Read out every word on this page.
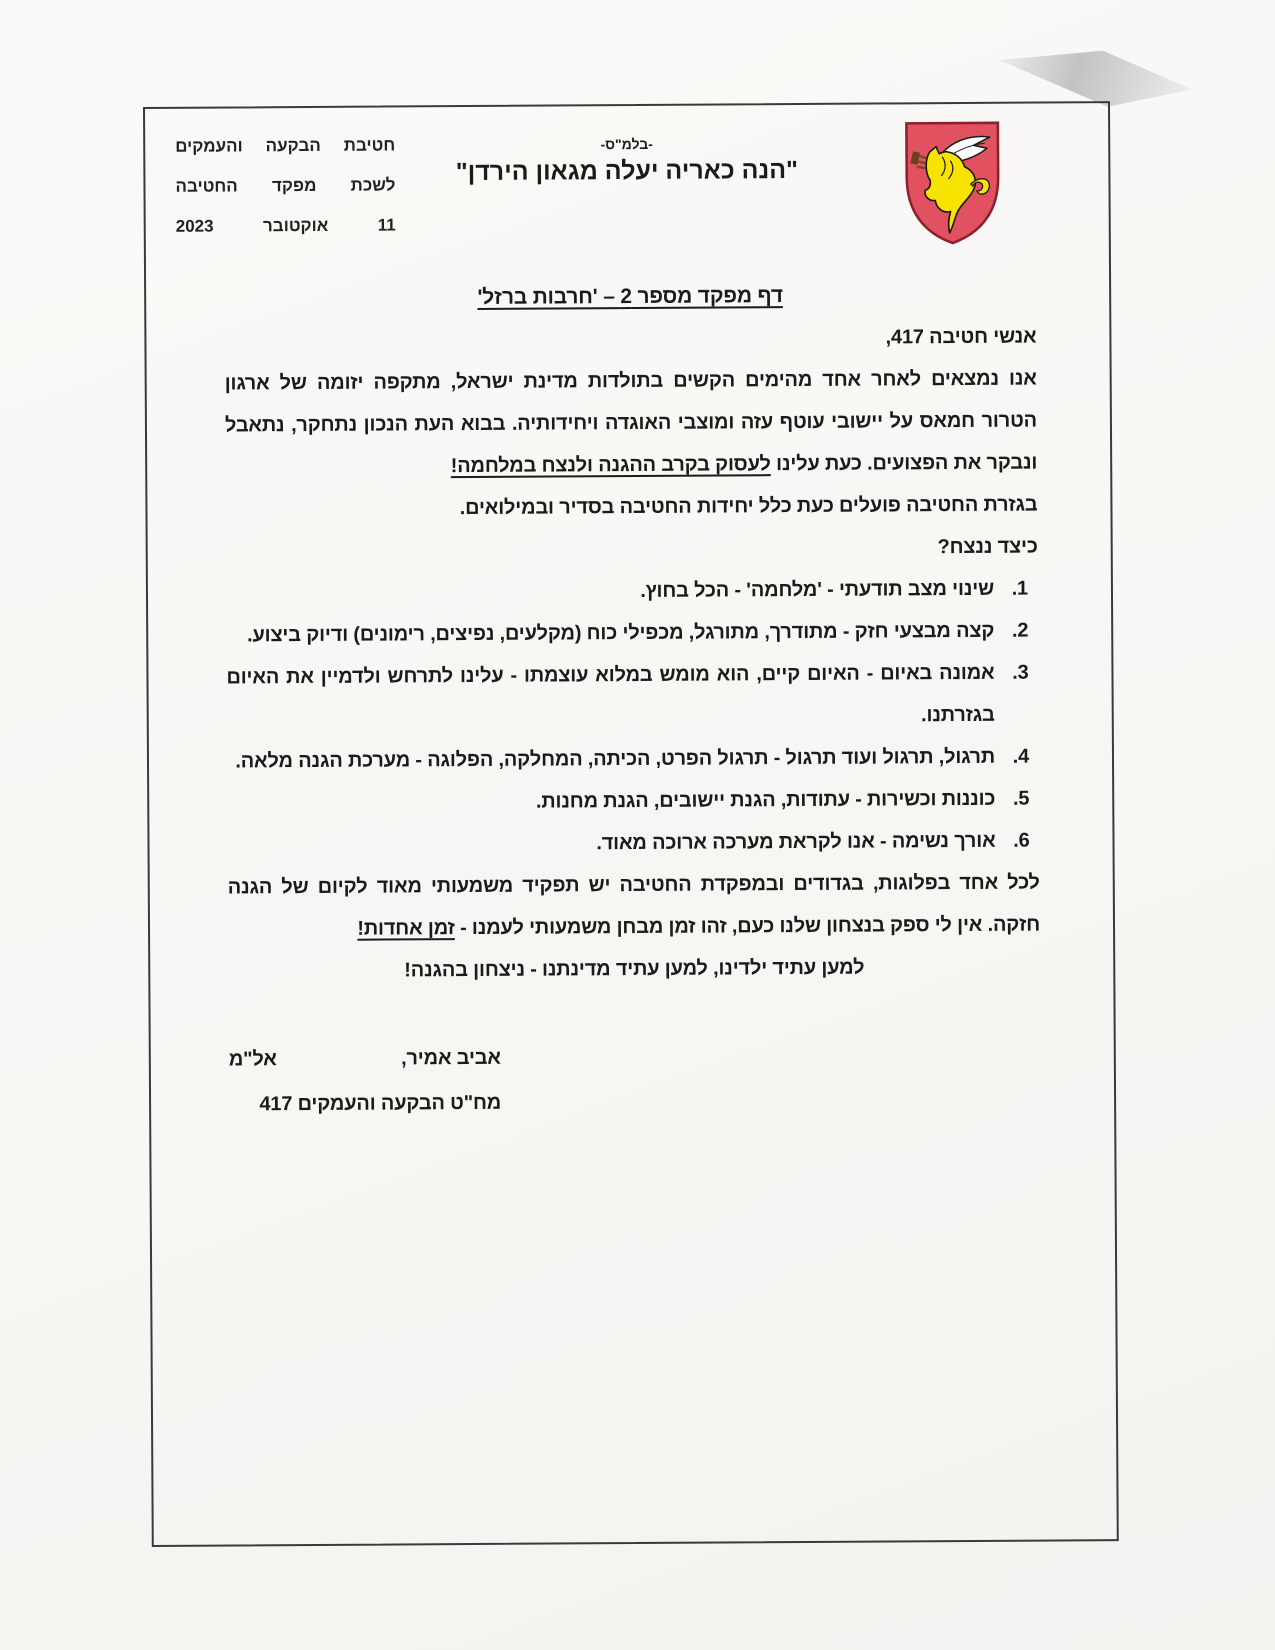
חטיבת
הבקעה
והעמקים
לשכת
מפקד
החטיבה
11
אוקטובר
2023
-בלמ"ס-
"הנה כאריה יעלה מגאון הירדן"
דף מפקד מספר 2 – 'חרבות ברזל'

אנשי חטיבה 417,

אנו נמצאים לאחר אחד מהימים הקשים בתולדות מדינת ישראל, מתקפה יזומה של ארגון הטרור חמאס על יישובי עוטף עזה ומוצבי האוגדה ויחידותיה. בבוא העת הנכון נתחקר, נתאבל ונבקר את הפצועים. כעת עלינו לעסוק בקרב ההגנה ולנצח במלחמה!

בגזרת החטיבה פועלים כעת כלל יחידות החטיבה בסדיר ובמילואים.

כיצד ננצח?

1.
שינוי מצב תודעתי - 'מלחמה' - הכל בחוץ.
2.
קצה מבצעי חזק - מתודרך, מתורגל, מכפילי כוח (מקלעים, נפיצים, רימונים) ודיוק ביצוע.
3.
אמונה באיום - האיום קיים, הוא מומש במלוא עוצמתו - עלינו לתרחש ולדמיין את האיום בגזרתנו.
4.
תרגול, תרגול ועוד תרגול - תרגול הפרט, הכיתה, המחלקה, הפלוגה - מערכת הגנה מלאה.
5.
כוננות וכשירות - עתודות, הגנת יישובים, הגנת מחנות.
6.
אורך נשימה - אנו לקראת מערכה ארוכה מאוד.

לכל אחד בפלוגות, בגדודים ובמפקדת החטיבה יש תפקיד משמעותי מאוד לקיום של הגנה חזקה. אין לי ספק בנצחון שלנו כעם, זהו זמן מבחן משמעותי לעמנו - זמן אחדות!

למען עתיד ילדינו, למען עתיד מדינתנו - ניצחון בהגנה!

אביב אמיר,
אל"מ
מח"ט הבקעה והעמקים 417
